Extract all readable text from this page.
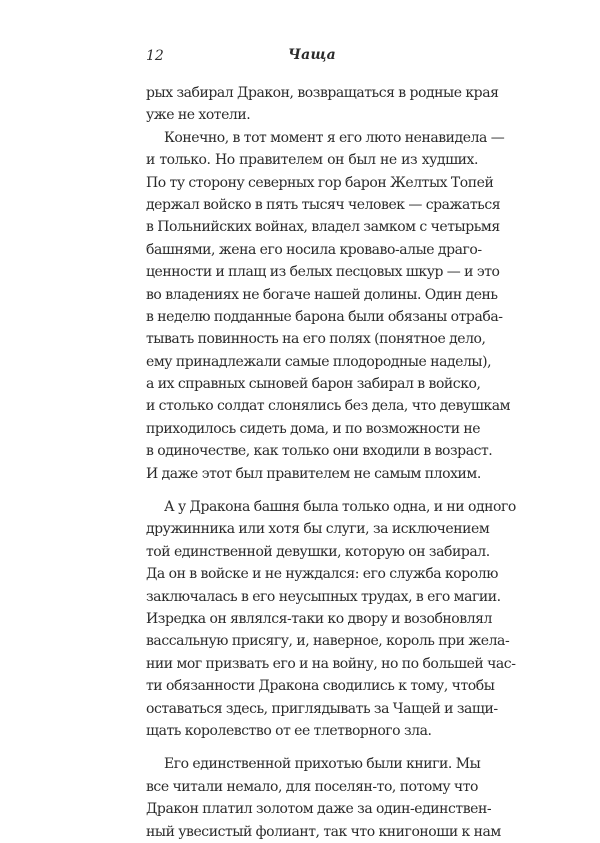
12	Чаща
рых забирал Дракон, возвращаться в родные края
уже не хотели.
Конечно, в тот момент я его люто ненавидела —
и только. Но правителем он был не из худших.
По ту сторону северных гор барон Желтых Топей
держал войско в пять тысяч человек — сражаться
в Польнийских войнах, владел замком с четырьмя
башнями, жена его носила кроваво-алые драго-
ценности и плащ из белых песцовых шкур — и это
во владениях не богаче нашей долины. Один день
в неделю подданные барона были обязаны отраба-
тывать повинность на его полях (понятное дело,
ему принадлежали самые плодородные наделы),
а их справных сыновей барон забирал в войско,
и столько солдат слонялись без дела, что девушкам
приходилось сидеть дома, и по возможности не
в одиночестве, как только они входили в возраст.
И даже этот был правителем не самым плохим.
А у Дракона башня была только одна, и ни одного
дружинника или хотя бы слуги, за исключением
той единственной девушки, которую он забирал.
Да он в войске и не нуждался: его служба королю
заключалась в его неусыпных трудах, в его магии.
Изредка он являлся-таки ко двору и возобновлял
вассальную присягу, и, наверное, король при жела-
нии мог призвать его и на войну, но по большей час-
ти обязанности Дракона сводились к тому, чтобы
оставаться здесь, приглядывать за Чащей и защи-
щать королевство от ее тлетворного зла.
Его единственной прихотью были книги. Мы
все читали немало, для поселян-то, потому что
Дракон платил золотом даже за один-единствен-
ный увесистый фолиант, так что книгоноши к нам
